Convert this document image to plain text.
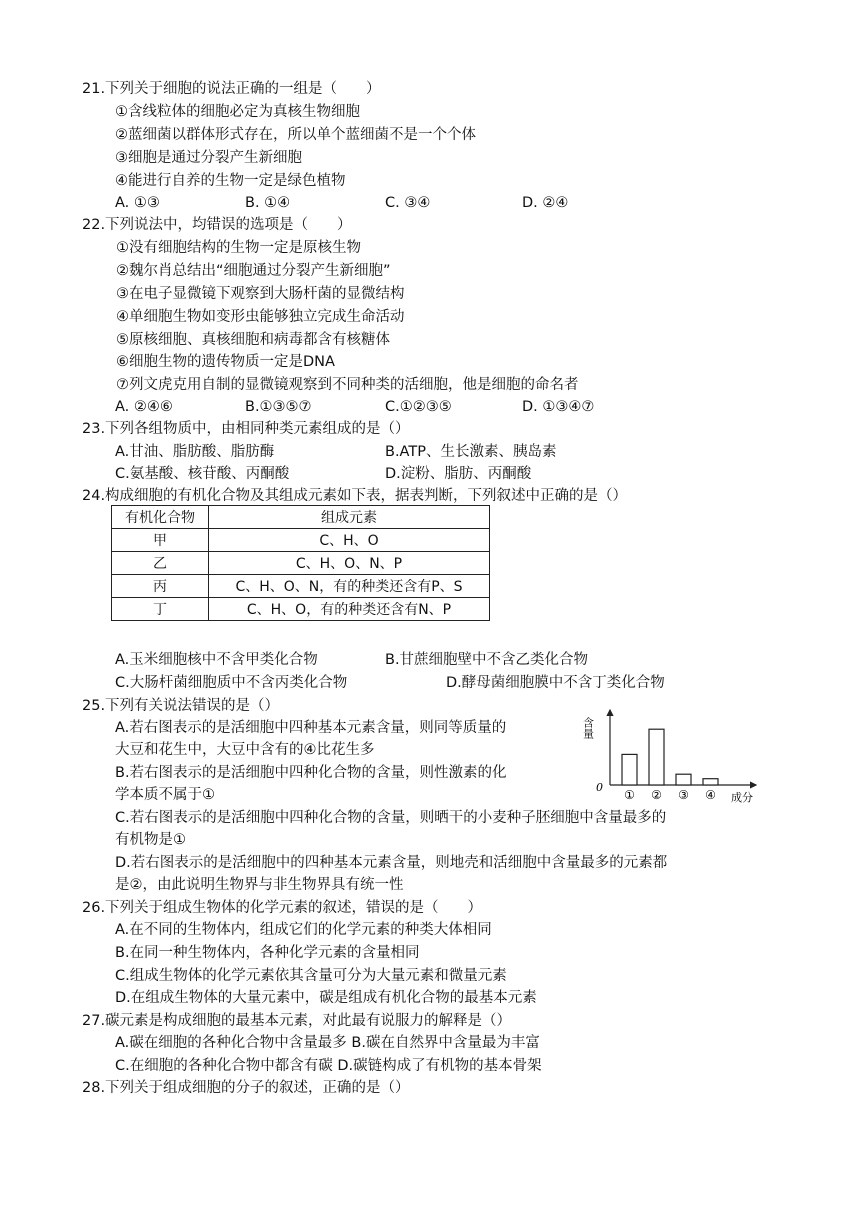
21.下列关于细胞的说法正确的一组是（　　）
①含线粒体的细胞必定为真核生物细胞
②蓝细菌以群体形式存在，所以单个蓝细菌不是一个个体
③细胞是通过分裂产生新细胞
④能进行自养的生物一定是绿色植物
A. ①③	B. ①④	C. ③④	D. ②④
22.下列说法中，均错误的选项是（　　）
①没有细胞结构的生物一定是原核生物
②魏尔肖总结出“细胞通过分裂产生新细胞”
③在电子显微镜下观察到大肠杆菌的显微结构
④单细胞生物如变形虫能够独立完成生命活动
⑤原核细胞、真核细胞和病毒都含有核糖体
⑥细胞生物的遗传物质一定是DNA
⑦列文虎克用自制的显微镜观察到不同种类的活细胞，他是细胞的命名者
A. ②④⑥	B.①③⑤⑦	C.①②③⑤	D. ①③④⑦
23.下列各组物质中，由相同种类元素组成的是（）
A.甘油、脂肪酸、脂肪酶	B.ATP、生长激素、胰岛素
C.氨基酸、核苷酸、丙酮酸	D.淀粉、脂肪、丙酮酸
24.构成细胞的有机化合物及其组成元素如下表，据表判断，下列叙述中正确的是（）
有机化合物	组成元素
甲	C、H、O
乙	C、H、O、N、P
丙	C、H、O、N，有的种类还含有P、S
丁	C、H、O，有的种类还含有N、P
A.玉米细胞核中不含甲类化合物	B.甘蔗细胞壁中不含乙类化合物
C.大肠杆菌细胞质中不含丙类化合物	D.酵母菌细胞膜中不含丁类化合物
25.下列有关说法错误的是（）
A.若右图表示的是活细胞中四种基本元素含量，则同等质量的
大豆和花生中，大豆中含有的④比花生多
B.若右图表示的是活细胞中四种化合物的含量，则性激素的化
学本质不属于①
C.若右图表示的是活细胞中四种化合物的含量，则晒干的小麦种子胚细胞中含量最多的
有机物是①
D.若右图表示的是活细胞中的四种基本元素含量，则地壳和活细胞中含量最多的元素都
是②，由此说明生物界与非生物界具有统一性
含量
0
成分
① ② ③ ④
26.下列关于组成生物体的化学元素的叙述，错误的是（　　）
A.在不同的生物体内，组成它们的化学元素的种类大体相同
B.在同一种生物体内，各种化学元素的含量相同
C.组成生物体的化学元素依其含量可分为大量元素和微量元素
D.在组成生物体的大量元素中，碳是组成有机化合物的最基本元素
27.碳元素是构成细胞的最基本元素，对此最有说服力的解释是（）
A.碳在细胞的各种化合物中含量最多 B.碳在自然界中含量最为丰富
C.在细胞的各种化合物中都含有碳 D.碳链构成了有机物的基本骨架
28.下列关于组成细胞的分子的叙述，正确的是（）
